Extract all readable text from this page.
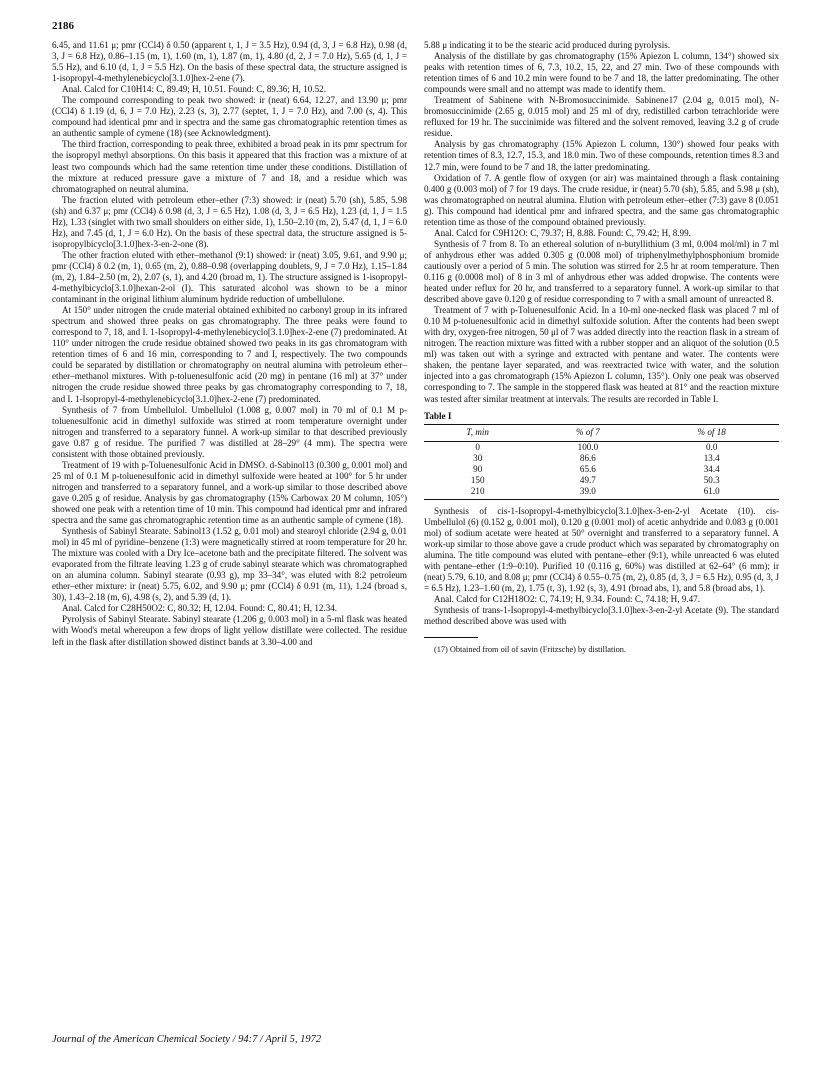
2186

6.45, and 11.61 μ; pmr (CCl4) δ 0.50 (apparent t, 1, J = 3.5 Hz), 0.94 (d, 3, J = 6.8 Hz), 0.98 (d, 3, J = 6.8 Hz), 0.86–1.15 (m, 1), 1.60 (m, 1), 1.87 (m, 1), 4.80 (d, 2, J = 7.0 Hz), 5.65 (d, 1, J = 5.5 Hz), and 6.10 (d, 1, J = 5.5 Hz). On the basis of these spectral data, the structure assigned is 1-isopropyl-4-methylenebicyclo[3.1.0]hex-2-ene (7).

Anal. Calcd for C10H14: C, 89.49; H, 10.51. Found: C, 89.36; H, 10.52.

The compound corresponding to peak two showed: ir (neat) 6.64, 12.27, and 13.90 μ; pmr (CCl4) δ 1.19 (d, 6, J = 7.0 Hz), 2.23 (s, 3), 2.77 (septet, 1, J = 7.0 Hz), and 7.00 (s, 4). This compound had identical pmr and ir spectra and the same gas chromatographic retention times as an authentic sample of cymene (18) (see Acknowledgment).

The third fraction, corresponding to peak three, exhibited a broad peak in its pmr spectrum for the isopropyl methyl absorptions. On this basis it appeared that this fraction was a mixture of at least two compounds which had the same retention time under these conditions. Distillation of the mixture at reduced pressure gave a mixture of 7 and 18, and a residue which was chromatographed on neutral alumina.

The fraction eluted with petroleum ether–ether (7:3) showed: ir (neat) 5.70 (sh), 5.85, 5.98 (sh) and 6.37 μ; pmr (CCl4) δ 0.98 (d, 3, J = 6.5 Hz), 1.08 (d, 3, J = 6.5 Hz), 1.23 (d, 1, J = 1.5 Hz), 1.33 (singlet with two small shoulders on either side, 1), 1.50–2.10 (m, 2), 5.47 (d, 1, J = 6.0 Hz), and 7.45 (d, 1, J = 6.0 Hz). On the basis of these spectral data, the structure assigned is 5-isopropylbicyclo[3.1.0]hex-3-en-2-one (8).

The other fraction eluted with ether–methanol (9:1) showed: ir (neat) 3.05, 9.61, and 9.90 μ; pmr (CCl4) δ 0.2 (m, 1), 0.65 (m, 2), 0.88–0.98 (overlapping doublets, 9, J = 7.0 Hz), 1.15–1.84 (m, 2), 1.84–2.50 (m, 2), 2.07 (s, 1), and 4.20 (broad m, 1). The structure assigned is 1-isopropyl-4-methylbicyclo[3.1.0]hexan-2-ol (I). This saturated alcohol was shown to be a minor contaminant in the original lithium aluminum hydride reduction of umbellulone.

At 150° under nitrogen the crude material obtained exhibited no carbonyl group in its infrared spectrum and showed three peaks on gas chromatography. The three peaks were found to correspond to 7, 18, and I. 1-Isopropyl-4-methylenebicyclo[3.1.0]hex-2-ene (7) predominated. At 110° under nitrogen the crude residue obtained showed two peaks in its gas chromatogram with retention times of 6 and 16 min, corresponding to 7 and I, respectively. The two compounds could be separated by distillation or chromatography on neutral alumina with petroleum ether–ether–methanol mixtures. With p-toluenesulfonic acid (20 mg) in pentane (16 ml) at 37° under nitrogen the crude residue showed three peaks by gas chromatography corresponding to 7, 18, and I. 1-Isopropyl-4-methylenebicyclo[3.1.0]hex-2-ene (7) predominated.

Synthesis of 7 from Umbellulol. Umbellulol (1.008 g, 0.007 mol) in 70 ml of 0.1 M p-toluenesulfonic acid in dimethyl sulfoxide was stirred at room temperature overnight under nitrogen and transferred to a separatory funnel. A work-up similar to that described previously gave 0.87 g of residue. The purified 7 was distilled at 28–29° (4 mm). The spectra were consistent with those obtained previously.

Treatment of 19 with p-Toluenesulfonic Acid in DMSO. d-Sabinol13 (0.300 g, 0.001 mol) and 25 ml of 0.1 M p-toluenesulfonic acid in dimethyl sulfoxide were heated at 100° for 5 hr under nitrogen and transferred to a separatory funnel, and a work-up similar to those described above gave 0.205 g of residue. Analysis by gas chromatography (15% Carbowax 20 M column, 105°) showed one peak with a retention time of 10 min. This compound had identical pmr and infrared spectra and the same gas chromatographic retention time as an authentic sample of cymene (18).

Synthesis of Sabinyl Stearate. Sabinol13 (1.52 g, 0.01 mol) and stearoyl chloride (2.94 g, 0.01 mol) in 45 ml of pyridine–benzene (1:3) were magnetically stirred at room temperature for 20 hr. The mixture was cooled with a Dry Ice–acetone bath and the precipitate filtered. The solvent was evaporated from the filtrate leaving 1.23 g of crude sabinyl stearate which was chromatographed on an alumina column. Sabinyl stearate (0.93 g), mp 33–34°, was eluted with 8:2 petroleum ether–ether mixture: ir (neat) 5.75, 6.02, and 9.90 μ; pmr (CCl4) δ 0.91 (m, 11), 1.24 (broad s, 30), 1.43–2.18 (m, 6), 4.98 (s, 2), and 5.39 (d, 1).

Anal. Calcd for C28H50O2: C, 80.32; H, 12.04. Found: C, 80.41; H, 12.34.

Pyrolysis of Sabinyl Stearate. Sabinyl stearate (1.206 g, 0.003 mol) in a 5-ml flask was heated with Wood's metal whereupon a few drops of light yellow distillate were collected. The residue left in the flask after distillation showed distinct bands at 3.30–4.00 and

5.88 μ indicating it to be the stearic acid produced during pyrolysis.

Analysis of the distillate by gas chromatography (15% Apiezon L column, 134°) showed six peaks with retention times of 6, 7.3, 10.2, 15, 22, and 27 min. Two of these compounds with retention times of 6 and 10.2 min were found to be 7 and 18, the latter predominating. The other compounds were small and no attempt was made to identify them.

Treatment of Sabinene with N-Bromosuccinimide. Sabinene17 (2.04 g, 0.015 mol), N-bromosuccinimide (2.65 g, 0.015 mol) and 25 ml of dry, redistilled carbon tetrachloride were refluxed for 19 hr. The succinimide was filtered and the solvent removed, leaving 3.2 g of crude residue.

Analysis by gas chromatography (15% Apiezon L column, 130°) showed four peaks with retention times of 8.3, 12.7, 15.3, and 18.0 min. Two of these compounds, retention times 8.3 and 12.7 min, were found to be 7 and 18, the latter predominating.

Oxidation of 7. A gentle flow of oxygen (or air) was maintained through a flask containing 0.400 g (0.003 mol) of 7 for 19 days. The crude residue, ir (neat) 5.70 (sh), 5.85, and 5.98 μ (sh), was chromatographed on neutral alumina. Elution with petroleum ether–ether (7:3) gave 8 (0.051 g). This compound had identical pmr and infrared spectra, and the same gas chromatographic retention time as those of the compound obtained previously.

Anal. Calcd for C9H12O: C, 79.37; H, 8.88. Found: C, 79.42; H, 8.99.

Synthesis of 7 from 8. To an ethereal solution of n-butyllithium (3 ml, 0.004 mol/ml) in 7 ml of anhydrous ether was added 0.305 g (0.008 mol) of triphenylmethylphosphonium bromide cautiously over a period of 5 min. The solution was stirred for 2.5 hr at room temperature. Then 0.116 g (0.0008 mol) of 8 in 3 ml of anhydrous ether was added dropwise. The contents were heated under reflux for 20 hr, and transferred to a separatory funnel. A work-up similar to that described above gave 0.120 g of residue corresponding to 7 with a small amount of unreacted 8.

Treatment of 7 with p-Toluenesulfonic Acid. In a 10-ml one-necked flask was placed 7 ml of 0.10 M p-toluenesulfonic acid in dimethyl sulfoxide solution. After the contents had been swept with dry, oxygen-free nitrogen, 50 μl of 7 was added directly into the reaction flask in a stream of nitrogen. The reaction mixture was fitted with a rubber stopper and an aliquot of the solution (0.5 ml) was taken out with a syringe and extracted with pentane and water. The contents were shaken, the pentane layer separated, and was reextracted twice with water, and the solution injected into a gas chromatograph (15% Apiezon L column, 135°). Only one peak was observed corresponding to 7. The sample in the stoppered flask was heated at 81° and the reaction mixture was tested after similar treatment at intervals. The results are recorded in Table I.

Table I
T, min	% of 7	% of 18
0	100.0	0.0
30	86.6	13.4
90	65.6	34.4
150	49.7	50.3
210	39.0	61.0

Synthesis of cis-1-Isopropyl-4-methylbicyclo[3.1.0]hex-3-en-2-yl Acetate (10). cis-Umbellulol (6) (0.152 g, 0.001 mol), 0.120 g (0.001 mol) of acetic anhydride and 0.083 g (0.001 mol) of sodium acetate were heated at 50° overnight and transferred to a separatory funnel. A work-up similar to those above gave a crude product which was separated by chromatography on alumina. The title compound was eluted with pentane–ether (9:1), while unreacted 6 was eluted with pentane–ether (1:9–0:10). Purified 10 (0.116 g, 60%) was distilled at 62–64° (6 mm); ir (neat) 5.79, 6.10, and 8.08 μ; pmr (CCl4) δ 0.55–0.75 (m, 2), 0.85 (d, 3, J = 6.5 Hz), 0.95 (d, 3, J = 6.5 Hz), 1.23–1.60 (m, 2), 1.75 (t, 3), 1.92 (s, 3), 4.91 (broad abs, 1), and 5.8 (broad abs, 1).

Anal. Calcd for C12H18O2: C, 74.19; H, 9.34. Found: C, 74.18; H, 9.47.

Synthesis of trans-1-Isopropyl-4-methylbicyclo[3.1.0]hex-3-en-2-yl Acetate (9). The standard method described above was used with

(17) Obtained from oil of savin (Fritzsche) by distillation.

Journal of the American Chemical Society / 94:7 / April 5, 1972
